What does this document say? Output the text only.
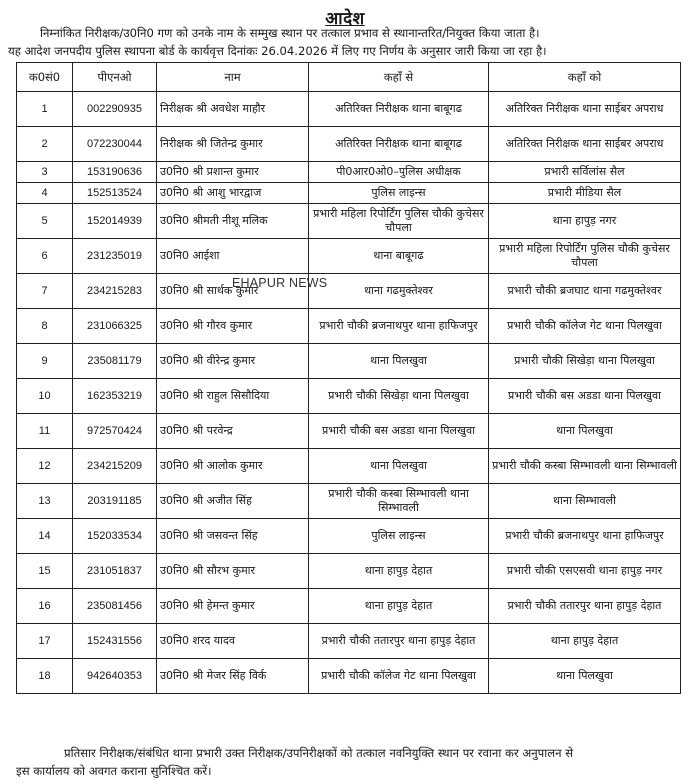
आदेश
निम्नांकित निरीक्षक/उ0नि0 गण को उनके नाम के सम्मुख स्थान पर तत्काल प्रभाव से स्थानान्तरित/नियुक्त किया जाता है।
यह आदेश जनपदीय पुलिस स्थापना बोर्ड के कार्यवृत्त दिनांकः 26.04.2026 में लिए गए निर्णय के अनुसार जारी किया जा रहा है।
क0सं0	पीएनओ	नाम	कहाँ से	कहाँ को
1	002290935	निरीक्षक श्री अवधेश माहौर	अतिरिक्त निरीक्षक थाना बाबूगढ	अतिरिक्त निरीक्षक थाना साईबर अपराध
2	072230044	निरीक्षक श्री जितेन्द्र कुमार	अतिरिक्त निरीक्षक थाना बाबूगढ	अतिरिक्त निरीक्षक थाना साईबर अपराध
3	153190636	उ0नि0 श्री प्रशान्त कुमार	पी0आर0ओ0–पुलिस अधीक्षक	प्रभारी सर्विलांस सैल
4	152513524	उ0नि0 श्री आशु भारद्वाज	पुलिस लाइन्स	प्रभारी मीडिया सैल
5	152014939	उ0नि0 श्रीमती नीशू मलिक	प्रभारी महिला रिपोर्टिंग पुलिस चौकी कुचेसर चौपला	थाना हापुड़ नगर
6	231235019	उ0नि0 आईशा	थाना बाबूगढ	प्रभारी महिला रिपोर्टिंग पुलिस चौकी कुचेसर चौपला
7	234215283	उ0नि0 श्री सार्थक कुमार	थाना गढमुक्तेश्वर	प्रभारी चौकी ब्रजघाट थाना गढमुक्तेश्वर
8	231066325	उ0नि0 श्री गौरव कुमार	प्रभारी चौकी ब्रजनाथपुर थाना हाफिजपुर	प्रभारी चौकी कॉलेज गेट थाना पिलखुवा
9	235081179	उ0नि0 श्री वीरेन्द्र कुमार	थाना पिलखुवा	प्रभारी चौकी सिखेड़ा थाना पिलखुवा
10	162353219	उ0नि0 श्री राहुल सिसौदिया	प्रभारी चौकी सिखेड़ा थाना पिलखुवा	प्रभारी चौकी बस अडडा थाना पिलखुवा
11	972570424	उ0नि0 श्री परवेन्द्र	प्रभारी चौकी बस अडडा थाना पिलखुवा	थाना पिलखुवा
12	234215209	उ0नि0 श्री आलोक कुमार	थाना पिलखुवा	प्रभारी चौकी कस्बा सिम्भावली थाना सिम्भावली
13	203191185	उ0नि0 श्री अजीत सिंह	प्रभारी चौकी कस्बा सिम्भावली थाना सिम्भावली	थाना सिम्भावली
14	152033534	उ0नि0 श्री जसवन्त सिंह	पुलिस लाइन्स	प्रभारी चौकी ब्रजनाथपुर थाना हाफिजपुर
15	231051837	उ0नि0 श्री सौरभ कुमार	थाना हापुड़ देहात	प्रभारी चौकी एसएसवी थाना हापुड़ नगर
16	235081456	उ0नि0 श्री हेमन्त कुमार	थाना हापुड़ देहात	प्रभारी चौकी ततारपुर थाना हापुड़ देहात
17	152431556	उ0नि0 शरद यादव	प्रभारी चौकी ततारपुर थाना हापुड़ देहात	थाना हापुड़ देहात
18	942640353	उ0नि0 श्री मेजर सिंह विर्क	प्रभारी चौकी कॉलेज गेट थाना पिलखुवा	थाना पिलखुवा
EHAPUR NEWS
प्रतिसार निरीक्षक/संबंधित थाना प्रभारी उक्त निरीक्षक/उपनिरीक्षकों को तत्काल नवनियुक्ति स्थान पर रवाना कर अनुपालन से
इस कार्यालय को अवगत कराना सुनिश्चित करें।
